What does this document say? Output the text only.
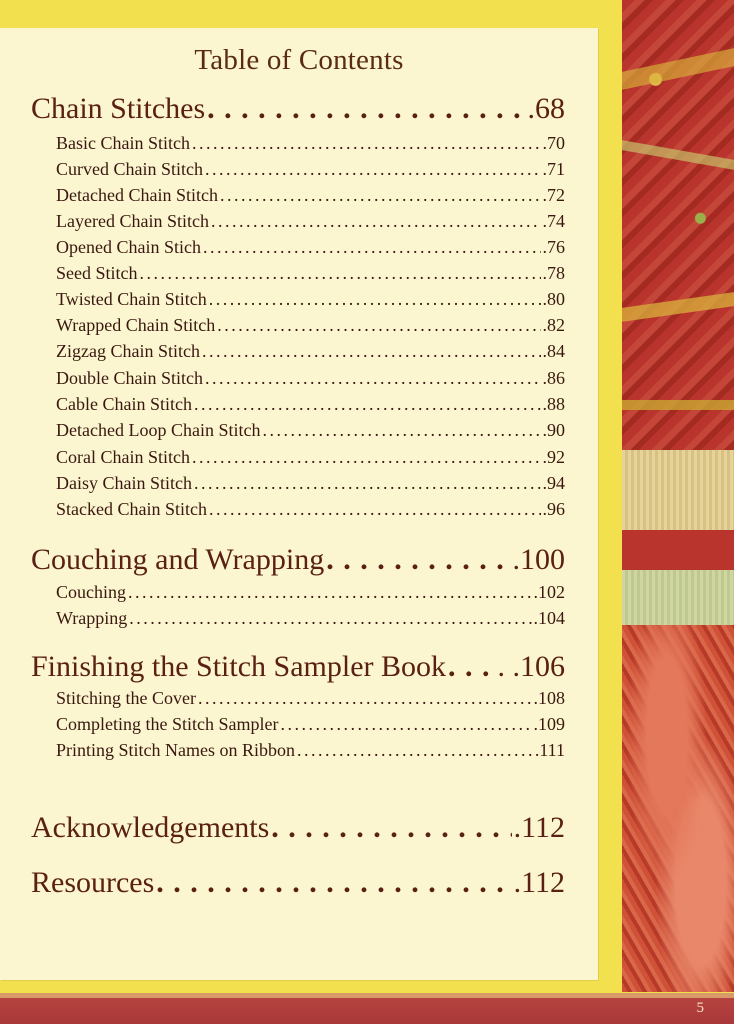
Table of Contents
Chain Stitches . . .	.68
Basic Chain Stitch . . .	.70
Curved Chain Stitch . . .	.71
Detached Chain Stitch . . .	.72
Layered Chain Stitch . . .	.74
Opened Chain Stich . . .	.76
Seed Stitch . . .	.78
Twisted Chain Stitch . . .	.80
Wrapped Chain Stitch . . .	.82
Zigzag Chain Stitch . . .	.84
Double Chain Stitch . . .	.86
Cable Chain Stitch . . .	.88
Detached Loop Chain Stitch . . .	.90
Coral Chain Stitch . . .	.92
Daisy Chain Stitch . . .	.94
Stacked Chain Stitch . . .	.96
Couching and Wrapping . . .	.100
Couching . . .	.102
Wrapping . . .	.104
Finishing the Stitch Sampler Book . . . . .106
Stitching the Cover . . .	.108
Completing the Stitch Sampler . . .	.109
Printing Stitch Names on Ribbon . . .	.111
Acknowledgements . . .	.112
Resources . . .	.112
5
